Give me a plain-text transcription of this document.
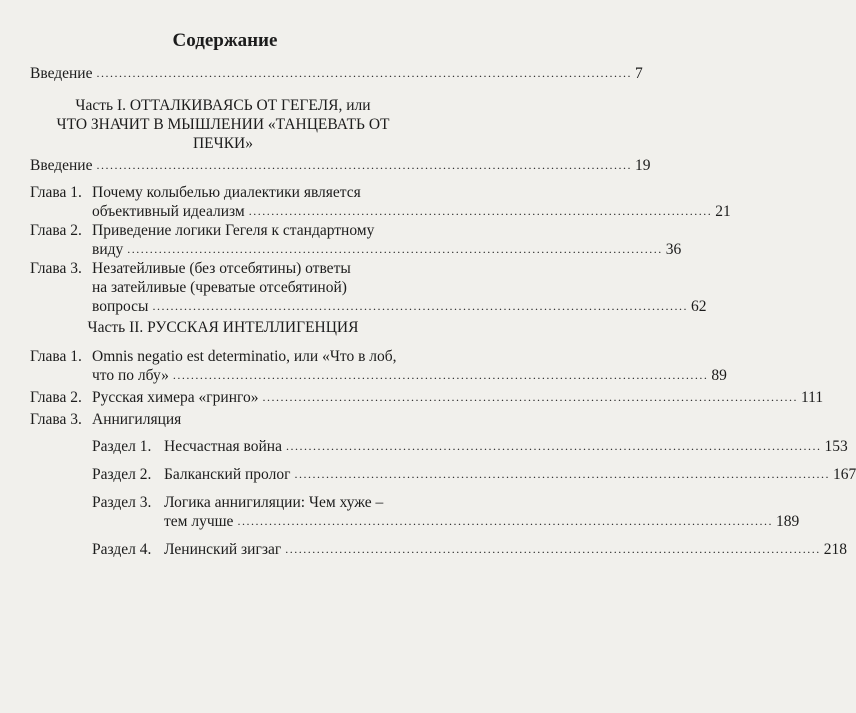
Содержание
Введение ....................................................................................................................... 7
Часть I. ОТТАЛКИВАЯСЬ ОТ ГЕГЕЛЯ, или
ЧТО ЗНАЧИТ В МЫШЛЕНИИ «ТАНЦЕВАТЬ ОТ
ПЕЧКИ»
Введение ....................................................................................................................... 19
Глава 1. Почему колыбелью диалектики является
объективный идеализм ....................................................................................................... 21
Глава 2. Приведение логики Гегеля к стандартному
виду ....................................................................................................................... 36
Глава 3. Незатейливые (без отсебятины) ответы
на затейливые (чреватые отсебятиной)
вопросы ....................................................................................................................... 62
Часть II. РУССКАЯ ИНТЕЛЛИГЕНЦИЯ
Глава 1. Omnis negatio est determinatio, или «Что в лоб,
что по лбу» ....................................................................................................................... 89
Глава 2. Русская химера «гринго» ....................................................................................................................... 111
Глава 3. Аннигиляция
Раздел 1. Несчастная война ....................................................................................................................... 153
Раздел 2. Балканский пролог ....................................................................................................................... 167
Раздел 3. Логика аннигиляции: Чем хуже –
тем лучше ....................................................................................................................... 189
Раздел 4. Ленинский зигзаг ....................................................................................................................... 218
